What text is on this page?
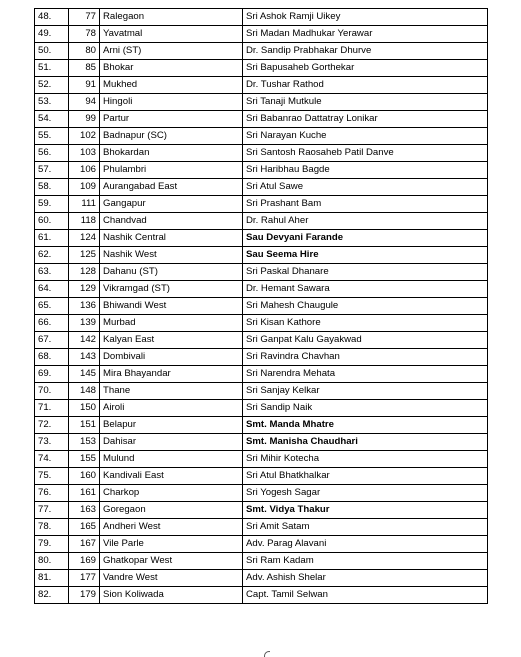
48.	77	Ralegaon	Sri Ashok Ramji Uikey
49.	78	Yavatmal	Sri Madan Madhukar Yerawar
50.	80	Arni (ST)	Dr. Sandip Prabhakar Dhurve
51.	85	Bhokar	Sri Bapusaheb Gorthekar
52.	91	Mukhed	Dr. Tushar Rathod
53.	94	Hingoli	Sri Tanaji Mutkule
54.	99	Partur	Sri Babanrao Dattatray Lonikar
55.	102	Badnapur (SC)	Sri Narayan Kuche
56.	103	Bhokardan	Sri Santosh Raosaheb Patil Danve
57.	106	Phulambri	Sri Haribhau Bagde
58.	109	Aurangabad East	Sri Atul Sawe
59.	111	Gangapur	Sri Prashant Bam
60.	118	Chandvad	Dr. Rahul Aher
61.	124	Nashik Central	Sau Devyani Farande
62.	125	Nashik West	Sau Seema Hire
63.	128	Dahanu (ST)	Sri Paskal Dhanare
64.	129	Vikramgad (ST)	Dr. Hemant Sawara
65.	136	Bhiwandi West	Sri Mahesh Chaugule
66.	139	Murbad	Sri Kisan Kathore
67.	142	Kalyan East	Sri Ganpat Kalu Gayakwad
68.	143	Dombivali	Sri Ravindra Chavhan
69.	145	Mira Bhayandar	Sri Narendra Mehata
70.	148	Thane	Sri Sanjay Kelkar
71.	150	Airoli	Sri Sandip Naik
72.	151	Belapur	Smt. Manda Mhatre
73.	153	Dahisar	Smt. Manisha Chaudhari
74.	155	Mulund	Sri Mihir Kotecha
75.	160	Kandivali East	Sri Atul Bhatkhalkar
76.	161	Charkop	Sri Yogesh Sagar
77.	163	Goregaon	Smt. Vidya Thakur
78.	165	Andheri West	Sri Amit Satam
79.	167	Vile Parle	Adv. Parag Alavani
80.	169	Ghatkopar West	Sri Ram Kadam
81.	177	Vandre West	Adv. Ashish Shelar
82.	179	Sion Koliwada	Capt. Tamil Selwan
